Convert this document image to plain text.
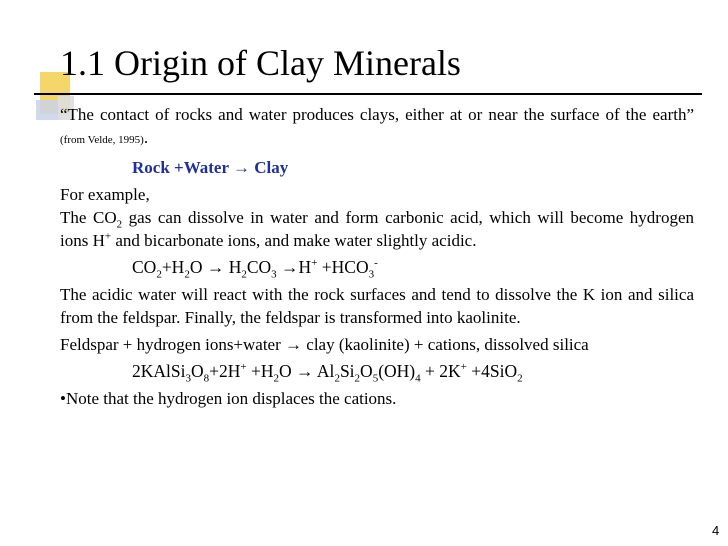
1.1 Origin of Clay Minerals

“The contact of rocks and water produces clays, either at or near the surface of the earth” (from Velde, 1995).

Rock +Water → Clay

For example,

The $CO_2$ gas can dissolve in water and form carbonic acid, which will become hydrogen ions H+ and bicarbonate ions, and make water slightly acidic.

$CO_2+H_2O \to H_2CO_3 \to H^+ +HCO_3^-$

The acidic water will react with the rock surfaces and tend to dissolve the K ion and silica from the feldspar. Finally, the feldspar is transformed into kaolinite.

Feldspar + hydrogen ions+water → clay (kaolinite) + cations, dissolved silica

$2KAlSi_3O_8+2H^+ +H_2O \to Al_2Si_2O_5(OH)_4 + 2K^+ +4SiO_2$

•Note that the hydrogen ion displaces the cations.

4
